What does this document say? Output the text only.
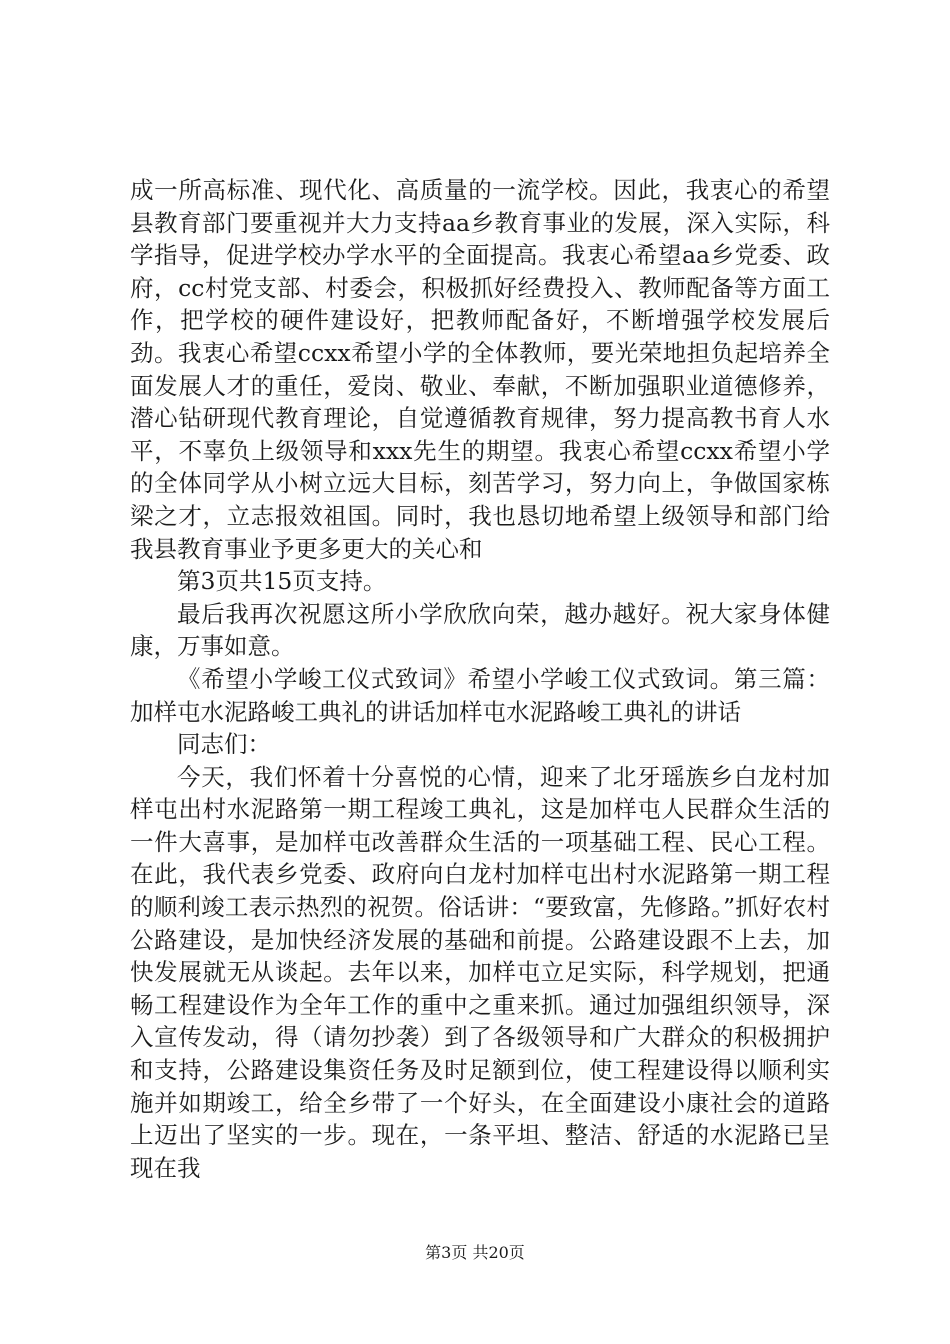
成一所高标准、现代化、高质量的一流学校。因此，我衷心的希望县教育部门要重视并大力支持aa乡教育事业的发展，深入实际，科学指导，促进学校办学水平的全面提高。我衷心希望aa乡党委、政府，cc村党支部、村委会，积极抓好经费投入、教师配备等方面工作，把学校的硬件建设好，把教师配备好，不断增强学校发展后劲。我衷心希望ccxx希望小学的全体教师，要光荣地担负起培养全面发展人才的重任，爱岗、敬业、奉献，不断加强职业道德修养，潜心钻研现代教育理论，自觉遵循教育规律，努力提高教书育人水平，不辜负上级领导和xxx先生的期望。我衷心希望ccxx希望小学的全体同学从小树立远大目标，刻苦学习，努力向上，争做国家栋梁之才，立志报效祖国。同时，我也恳切地希望上级领导和部门给我县教育事业予更多更大的关心和

第3页共15页支持。

最后我再次祝愿这所小学欣欣向荣，越办越好。祝大家身体健康，万事如意。

《希望小学峻工仪式致词》希望小学峻工仪式致词。第三篇：加样屯水泥路峻工典礼的讲话加样屯水泥路峻工典礼的讲话

同志们：

今天，我们怀着十分喜悦的心情，迎来了北牙瑶族乡白龙村加样屯出村水泥路第一期工程竣工典礼，这是加样屯人民群众生活的一件大喜事，是加样屯改善群众生活的一项基础工程、民心工程。在此，我代表乡党委、政府向白龙村加样屯出村水泥路第一期工程的顺利竣工表示热烈的祝贺。俗话讲：“要致富，先修路。”抓好农村公路建设，是加快经济发展的基础和前提。公路建设跟不上去，加快发展就无从谈起。去年以来，加样屯立足实际，科学规划，把通畅工程建设作为全年工作的重中之重来抓。通过加强组织领导，深入宣传发动，得（请勿抄袭）到了各级领导和广大群众的积极拥护和支持，公路建设集资任务及时足额到位，使工程建设得以顺利实施并如期竣工，给全乡带了一个好头，在全面建设小康社会的道路上迈出了坚实的一步。现在，一条平坦、整洁、舒适的水泥路已呈现在我

第3页 共20页
